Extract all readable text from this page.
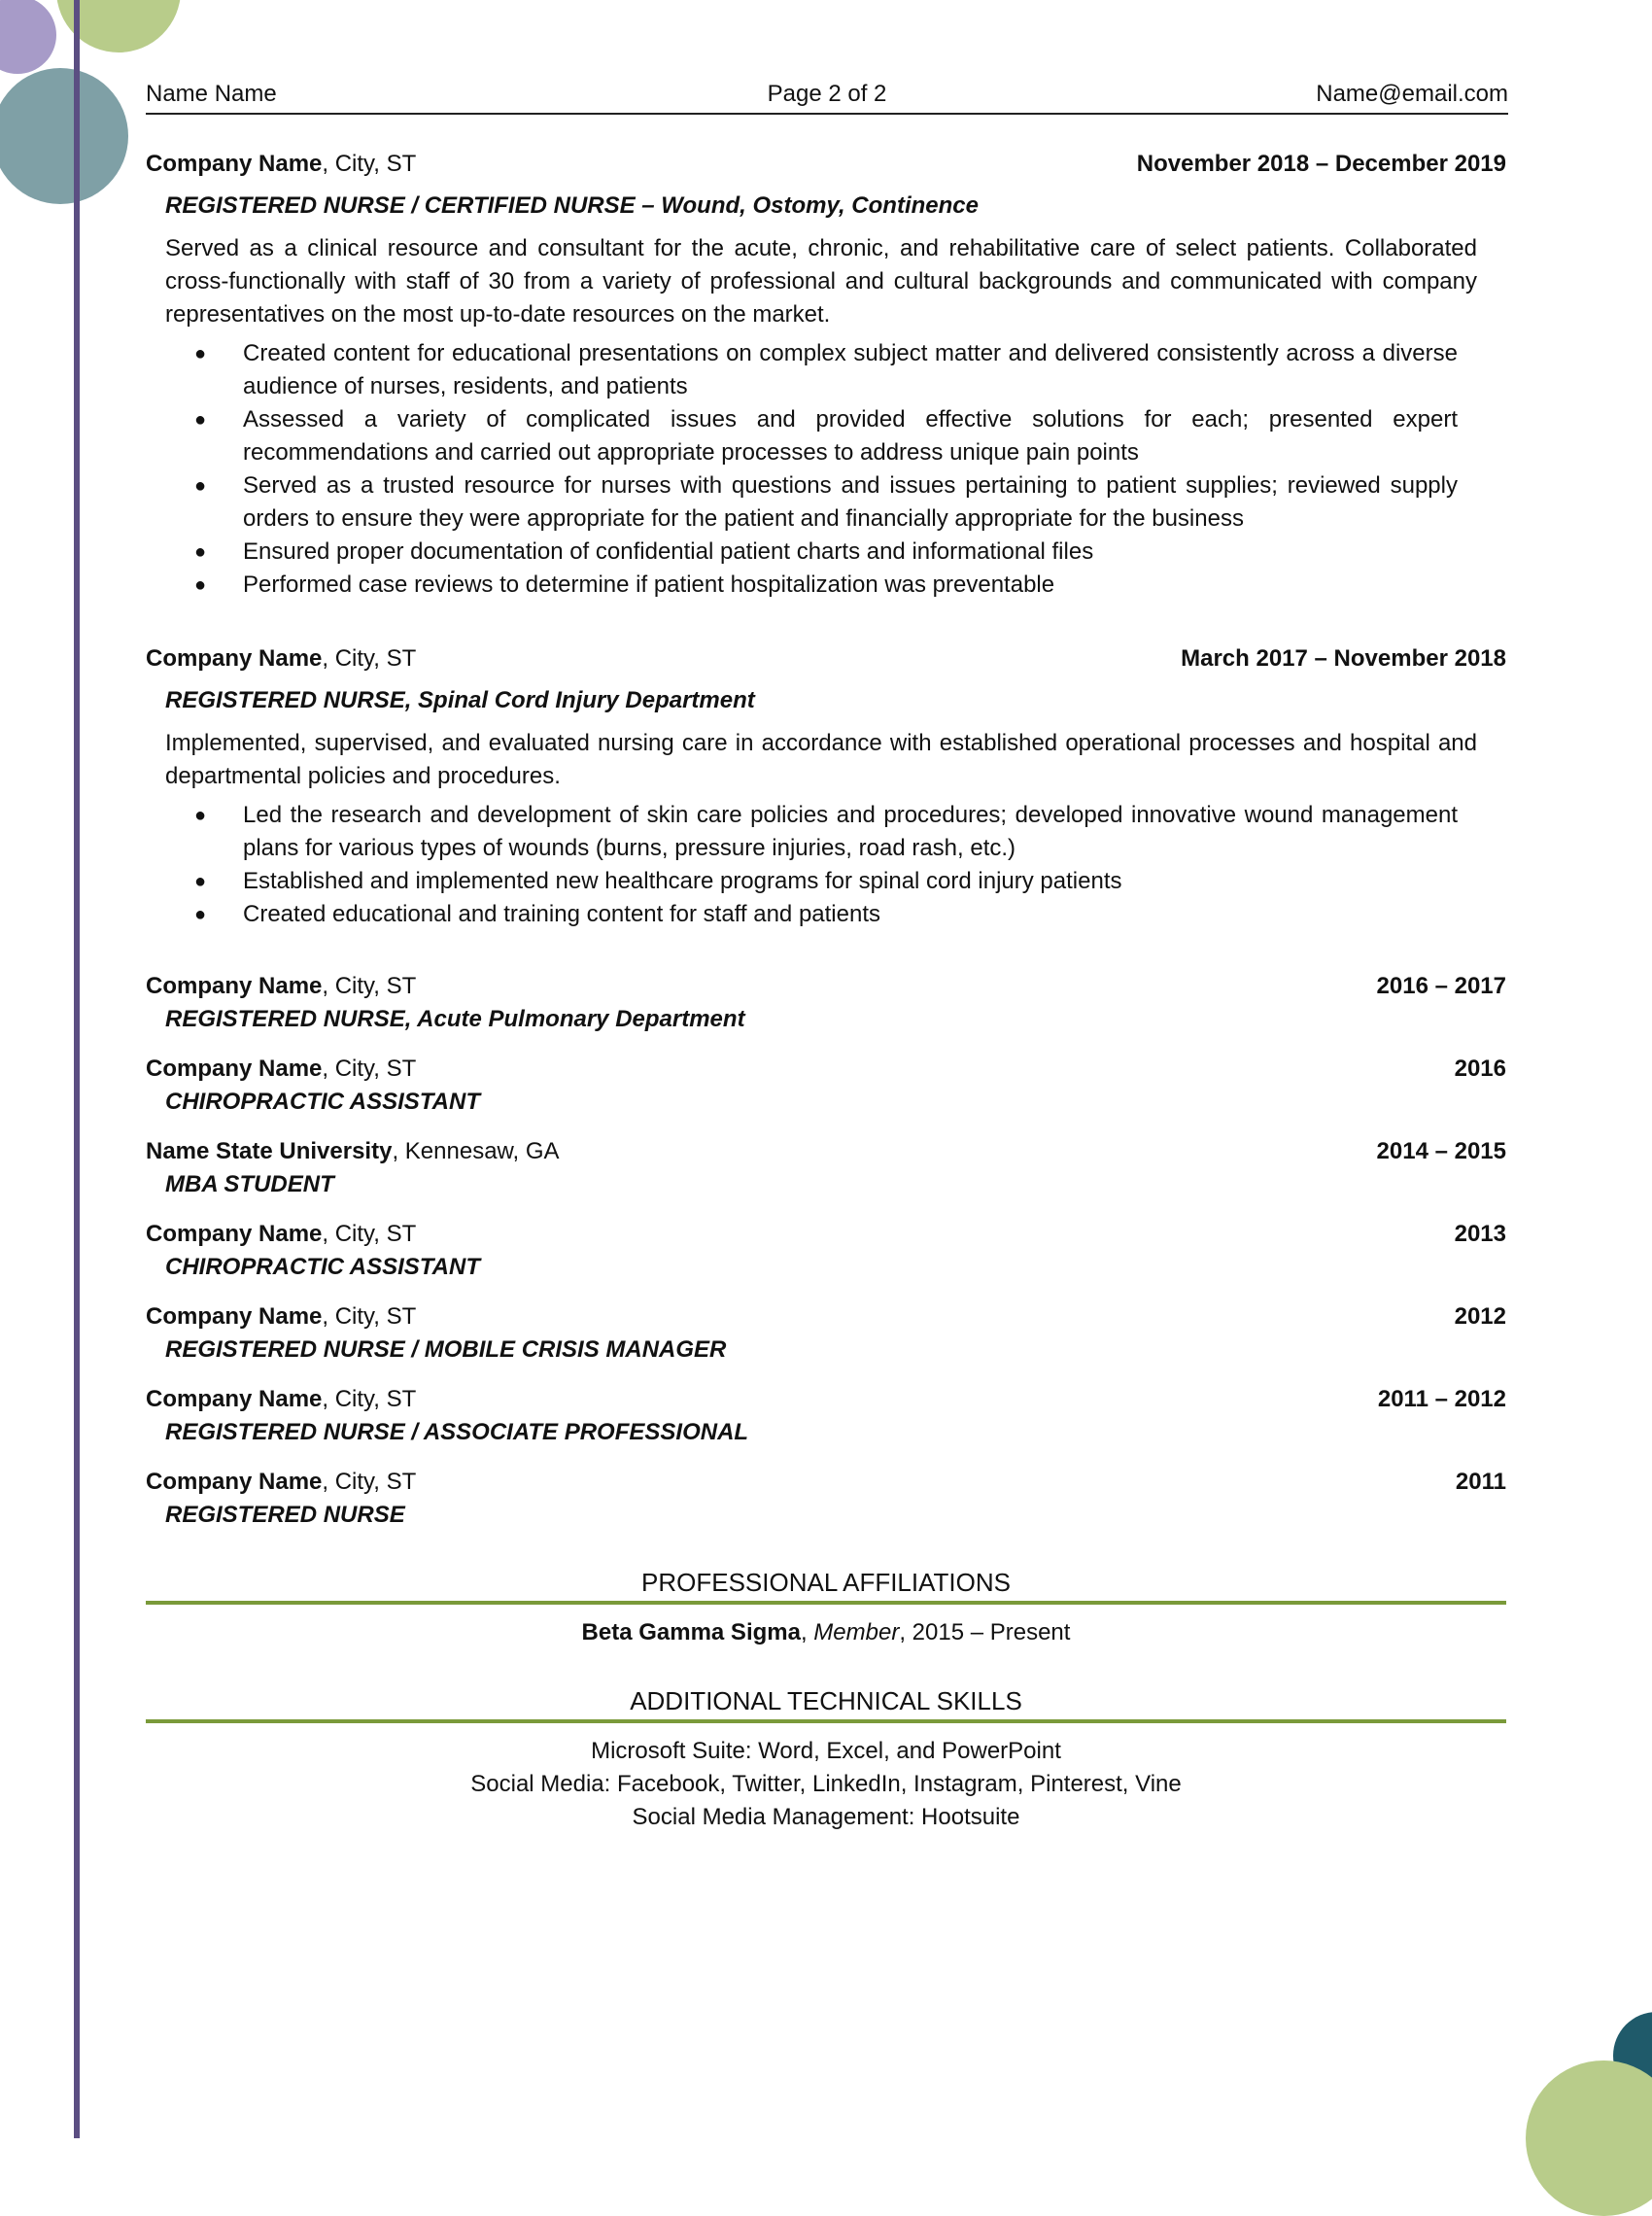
Name Name	Page 2 of 2	Name@email.com
Company Name, City, ST	November 2018 – December 2019
REGISTERED NURSE / CERTIFIED NURSE – Wound, Ostomy, Continence
Served as a clinical resource and consultant for the acute, chronic, and rehabilitative care of select patients. Collaborated cross-functionally with staff of 30 from a variety of professional and cultural backgrounds and communicated with company representatives on the most up-to-date resources on the market.
● Created content for educational presentations on complex subject matter and delivered consistently across a diverse audience of nurses, residents, and patients
● Assessed a variety of complicated issues and provided effective solutions for each; presented expert recommendations and carried out appropriate processes to address unique pain points
● Served as a trusted resource for nurses with questions and issues pertaining to patient supplies; reviewed supply orders to ensure they were appropriate for the patient and financially appropriate for the business
● Ensured proper documentation of confidential patient charts and informational files
● Performed case reviews to determine if patient hospitalization was preventable
Company Name, City, ST	March 2017 – November 2018
REGISTERED NURSE, Spinal Cord Injury Department
Implemented, supervised, and evaluated nursing care in accordance with established operational processes and hospital and departmental policies and procedures.
● Led the research and development of skin care policies and procedures; developed innovative wound management plans for various types of wounds (burns, pressure injuries, road rash, etc.)
● Established and implemented new healthcare programs for spinal cord injury patients
● Created educational and training content for staff and patients
Company Name, City, ST	2016 – 2017
REGISTERED NURSE, Acute Pulmonary Department
Company Name, City, ST	2016
CHIROPRACTIC ASSISTANT
Name State University, Kennesaw, GA	2014 – 2015
MBA STUDENT
Company Name, City, ST	2013
CHIROPRACTIC ASSISTANT
Company Name, City, ST	2012
REGISTERED NURSE / MOBILE CRISIS MANAGER
Company Name, City, ST	2011 – 2012
REGISTERED NURSE / ASSOCIATE PROFESSIONAL
Company Name, City, ST	2011
REGISTERED NURSE
PROFESSIONAL AFFILIATIONS
Beta Gamma Sigma, Member, 2015 – Present
ADDITIONAL TECHNICAL SKILLS
Microsoft Suite: Word, Excel, and PowerPoint
Social Media: Facebook, Twitter, LinkedIn, Instagram, Pinterest, Vine
Social Media Management: Hootsuite
